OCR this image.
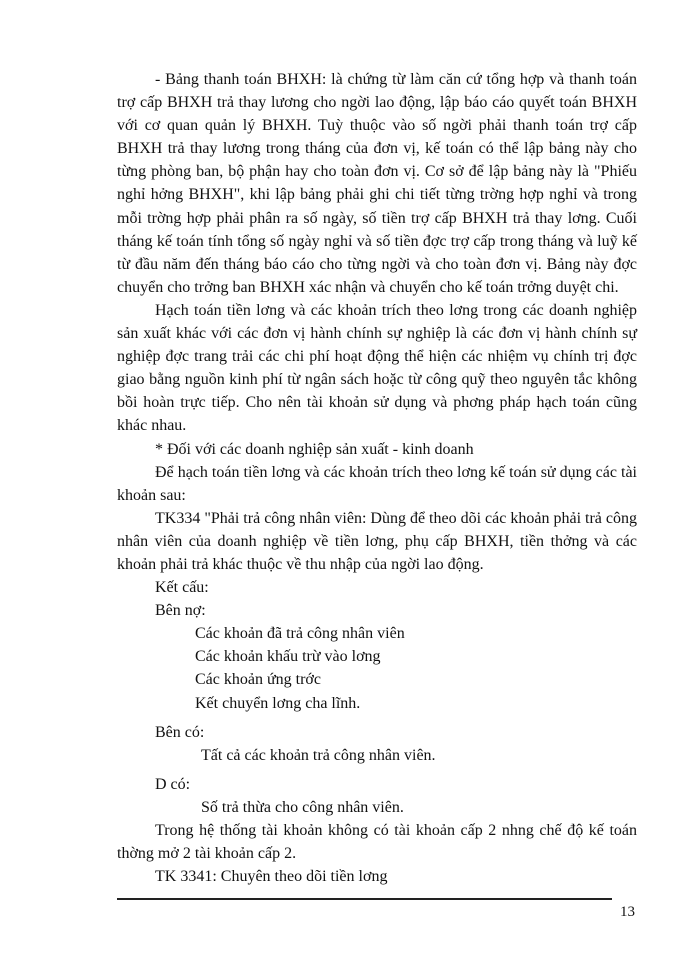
- Bảng thanh toán BHXH: là chứng từ làm căn cứ tổng hợp và thanh toán trợ cấp BHXH trả thay lương cho ngời lao động, lập báo cáo quyết toán BHXH với cơ quan quản lý BHXH. Tuỳ thuộc vào số ngời phải thanh toán trợ cấp BHXH trả thay lương trong tháng của đơn vị, kế toán có thể lập bảng này cho từng phòng ban, bộ phận hay cho toàn đơn vị. Cơ sở để lập bảng này là "Phiếu nghỉ hởng BHXH", khi lập bảng phải ghi chi tiết từng trờng hợp nghỉ và trong mỗi trờng hợp phải phân ra số ngày, số tiền trợ cấp BHXH trả thay lơng. Cuối tháng kế toán tính tổng số ngày nghỉ và số tiền đợc trợ cấp trong tháng và luỹ kế từ đầu năm đến tháng báo cáo cho từng ngời và cho toàn đơn vị. Bảng này đợc chuyển cho trởng ban BHXH xác nhận và chuyển cho kế toán trởng duyệt chi.

Hạch toán tiền lơng và các khoản trích theo lơng trong các doanh nghiệp sản xuất khác với các đơn vị hành chính sự nghiệp là các đơn vị hành chính sự nghiệp đợc trang trải các chi phí hoạt động thể hiện các nhiệm vụ chính trị đợc giao bằng nguồn kinh phí từ ngân sách hoặc từ công quỹ theo nguyên tắc không bồi hoàn trực tiếp. Cho nên tài khoản sử dụng và phơng pháp hạch toán cũng khác nhau.

* Đối với các doanh nghiệp sản xuất - kinh doanh

Để hạch toán tiền lơng và các khoản trích theo lơng kế toán sử dụng các tài khoản sau:

TK334 "Phải trả công nhân viên: Dùng để theo dõi các khoản phải trả công nhân viên của doanh nghiệp về tiền lơng, phụ cấp BHXH, tiền thởng và các khoản phải trả khác thuộc về thu nhập của ngời lao động.

Kết cấu:

Bên nợ:

Các khoản đã trả công nhân viên

Các khoản khấu trừ vào lơng

Các khoản ứng trớc

Kết chuyển lơng cha lĩnh.

Bên có:

Tất cả các khoản trả công nhân viên.

D có:

Số trả thừa cho công nhân viên.

Trong hệ thống tài khoản không có tài khoản cấp 2 nhng chế độ kế toán thờng mở 2 tài khoản cấp 2.

TK 3341: Chuyên theo dõi tiền lơng

13
